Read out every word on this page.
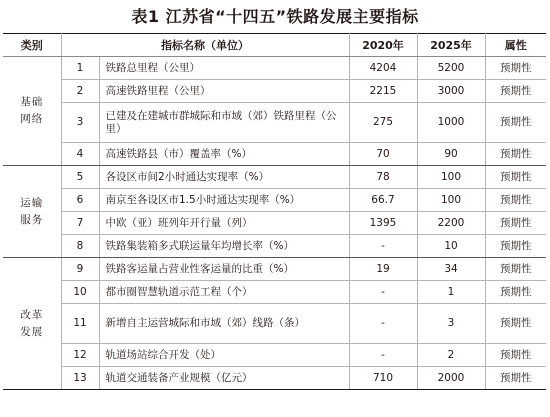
表1 江苏省“十四五”铁路发展主要指标
类别	指标名称（单位）		2020年	2025年	属性
基础
网络	1	铁路总里程（公里）	4204	5200	预期性
	2	高速铁路里程（公里）	2215	3000	预期性
	3	已建及在建城市群城际和市域（郊）铁路里程（公里）	275	1000	预期性
	4	高速铁路县（市）覆盖率（%）	70	90	预期性
运输
服务	5	各设区市间2小时通达实现率（%）	78	100	预期性
	6	南京至各设区市1.5小时通达实现率（%）	66.7	100	预期性
	7	中欧（亚）班列年开行量（列）	1395	2200	预期性
	8	铁路集装箱多式联运量年均增长率（%）	-	10	预期性
改革
发展	9	铁路客运量占营业性客运量的比重（%）	19	34	预期性
	10	都市圈智慧轨道示范工程（个）	-	1	预期性
	11	新增自主运营城际和市域（郊）线路（条）	-	3	预期性
	12	轨道场站综合开发（处）	-	2	预期性
	13	轨道交通装备产业规模（亿元）	710	2000	预期性
